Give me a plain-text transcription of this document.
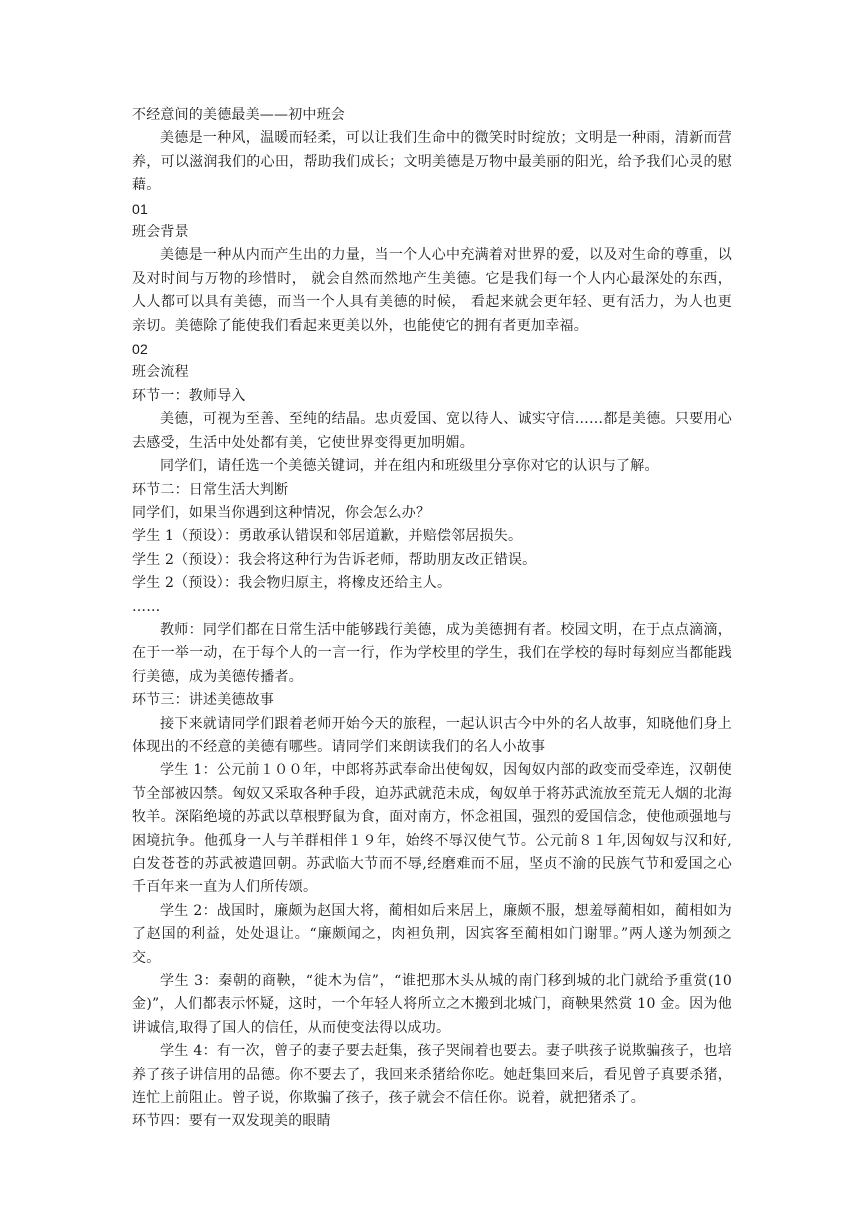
不经意间的美德最美——初中班会

美德是一种风，温暖而轻柔，可以让我们生命中的微笑时时绽放；文明是一种雨，清新而营养，可以滋润我们的心田，帮助我们成长；文明美德是万物中最美丽的阳光，给予我们心灵的慰藉。

01

班会背景

美德是一种从内而产生出的力量，当一个人心中充满着对世界的爱，以及对生命的尊重，以及对时间与万物的珍惜时， 就会自然而然地产生美德。它是我们每一个人内心最深处的东西，人人都可以具有美德，而当一个人具有美德的时候， 看起来就会更年轻、更有活力，为人也更亲切。美德除了能使我们看起来更美以外，也能使它的拥有者更加幸福。

02

班会流程

环节一：教师导入

美德，可视为至善、至纯的结晶。忠贞爱国、宽以待人、诚实守信……都是美德。只要用心去感受，生活中处处都有美，它使世界变得更加明媚。

同学们，请任选一个美德关键词，并在组内和班级里分享你对它的认识与了解。

环节二：日常生活大判断

同学们，如果当你遇到这种情况，你会怎么办？

学生 1（预设）：勇敢承认错误和邻居道歉，并赔偿邻居损失。

学生 2（预设）：我会将这种行为告诉老师，帮助朋友改正错误。

学生 2（预设）：我会物归原主，将橡皮还给主人。

……

教师：同学们都在日常生活中能够践行美德，成为美德拥有者。校园文明，在于点点滴滴，在于一举一动，在于每个人的一言一行，作为学校里的学生，我们在学校的每时每刻应当都能践行美德，成为美德传播者。

环节三：讲述美德故事

接下来就请同学们跟着老师开始今天的旅程，一起认识古今中外的名人故事，知晓他们身上体现出的不经意的美德有哪些。请同学们来朗读我们的名人小故事

学生 1：公元前１００年，中郎将苏武奉命出使匈奴，因匈奴内部的政变而受牵连，汉朝使节全部被囚禁。匈奴又采取各种手段，迫苏武就范未成，匈奴单于将苏武流放至荒无人烟的北海牧羊。深陷绝境的苏武以草根野鼠为食，面对南方，怀念祖国，强烈的爱国信念，使他顽强地与困境抗争。他孤身一人与羊群相伴１９年，始终不辱汉使气节。公元前８１年,因匈奴与汉和好,白发苍苍的苏武被遣回朝。苏武临大节而不辱,经磨难而不屈，坚贞不渝的民族气节和爱国之心千百年来一直为人们所传颂。

学生 2：战国时，廉颇为赵国大将，蔺相如后来居上，廉颇不服，想羞辱蔺相如，蔺相如为了赵国的利益，处处退让。“廉颇闻之，肉袒负荆，因宾客至蔺相如门谢罪。”两人遂为刎颈之交。

学生 3：秦朝的商鞅，“徙木为信”，“谁把那木头从城的南门移到城的北门就给予重赏(10 金)”，人们都表示怀疑，这时，一个年轻人将所立之木搬到北城门，商鞅果然赏 10 金。因为他讲诚信,取得了国人的信任，从而使变法得以成功。

学生 4：有一次，曾子的妻子要去赶集，孩子哭闹着也要去。妻子哄孩子说欺骗孩子，也培养了孩子讲信用的品德。你不要去了，我回来杀猪给你吃。她赶集回来后，看见曾子真要杀猪，连忙上前阻止。曾子说，你欺骗了孩子，孩子就会不信任你。说着，就把猪杀了。

环节四：要有一双发现美的眼睛
